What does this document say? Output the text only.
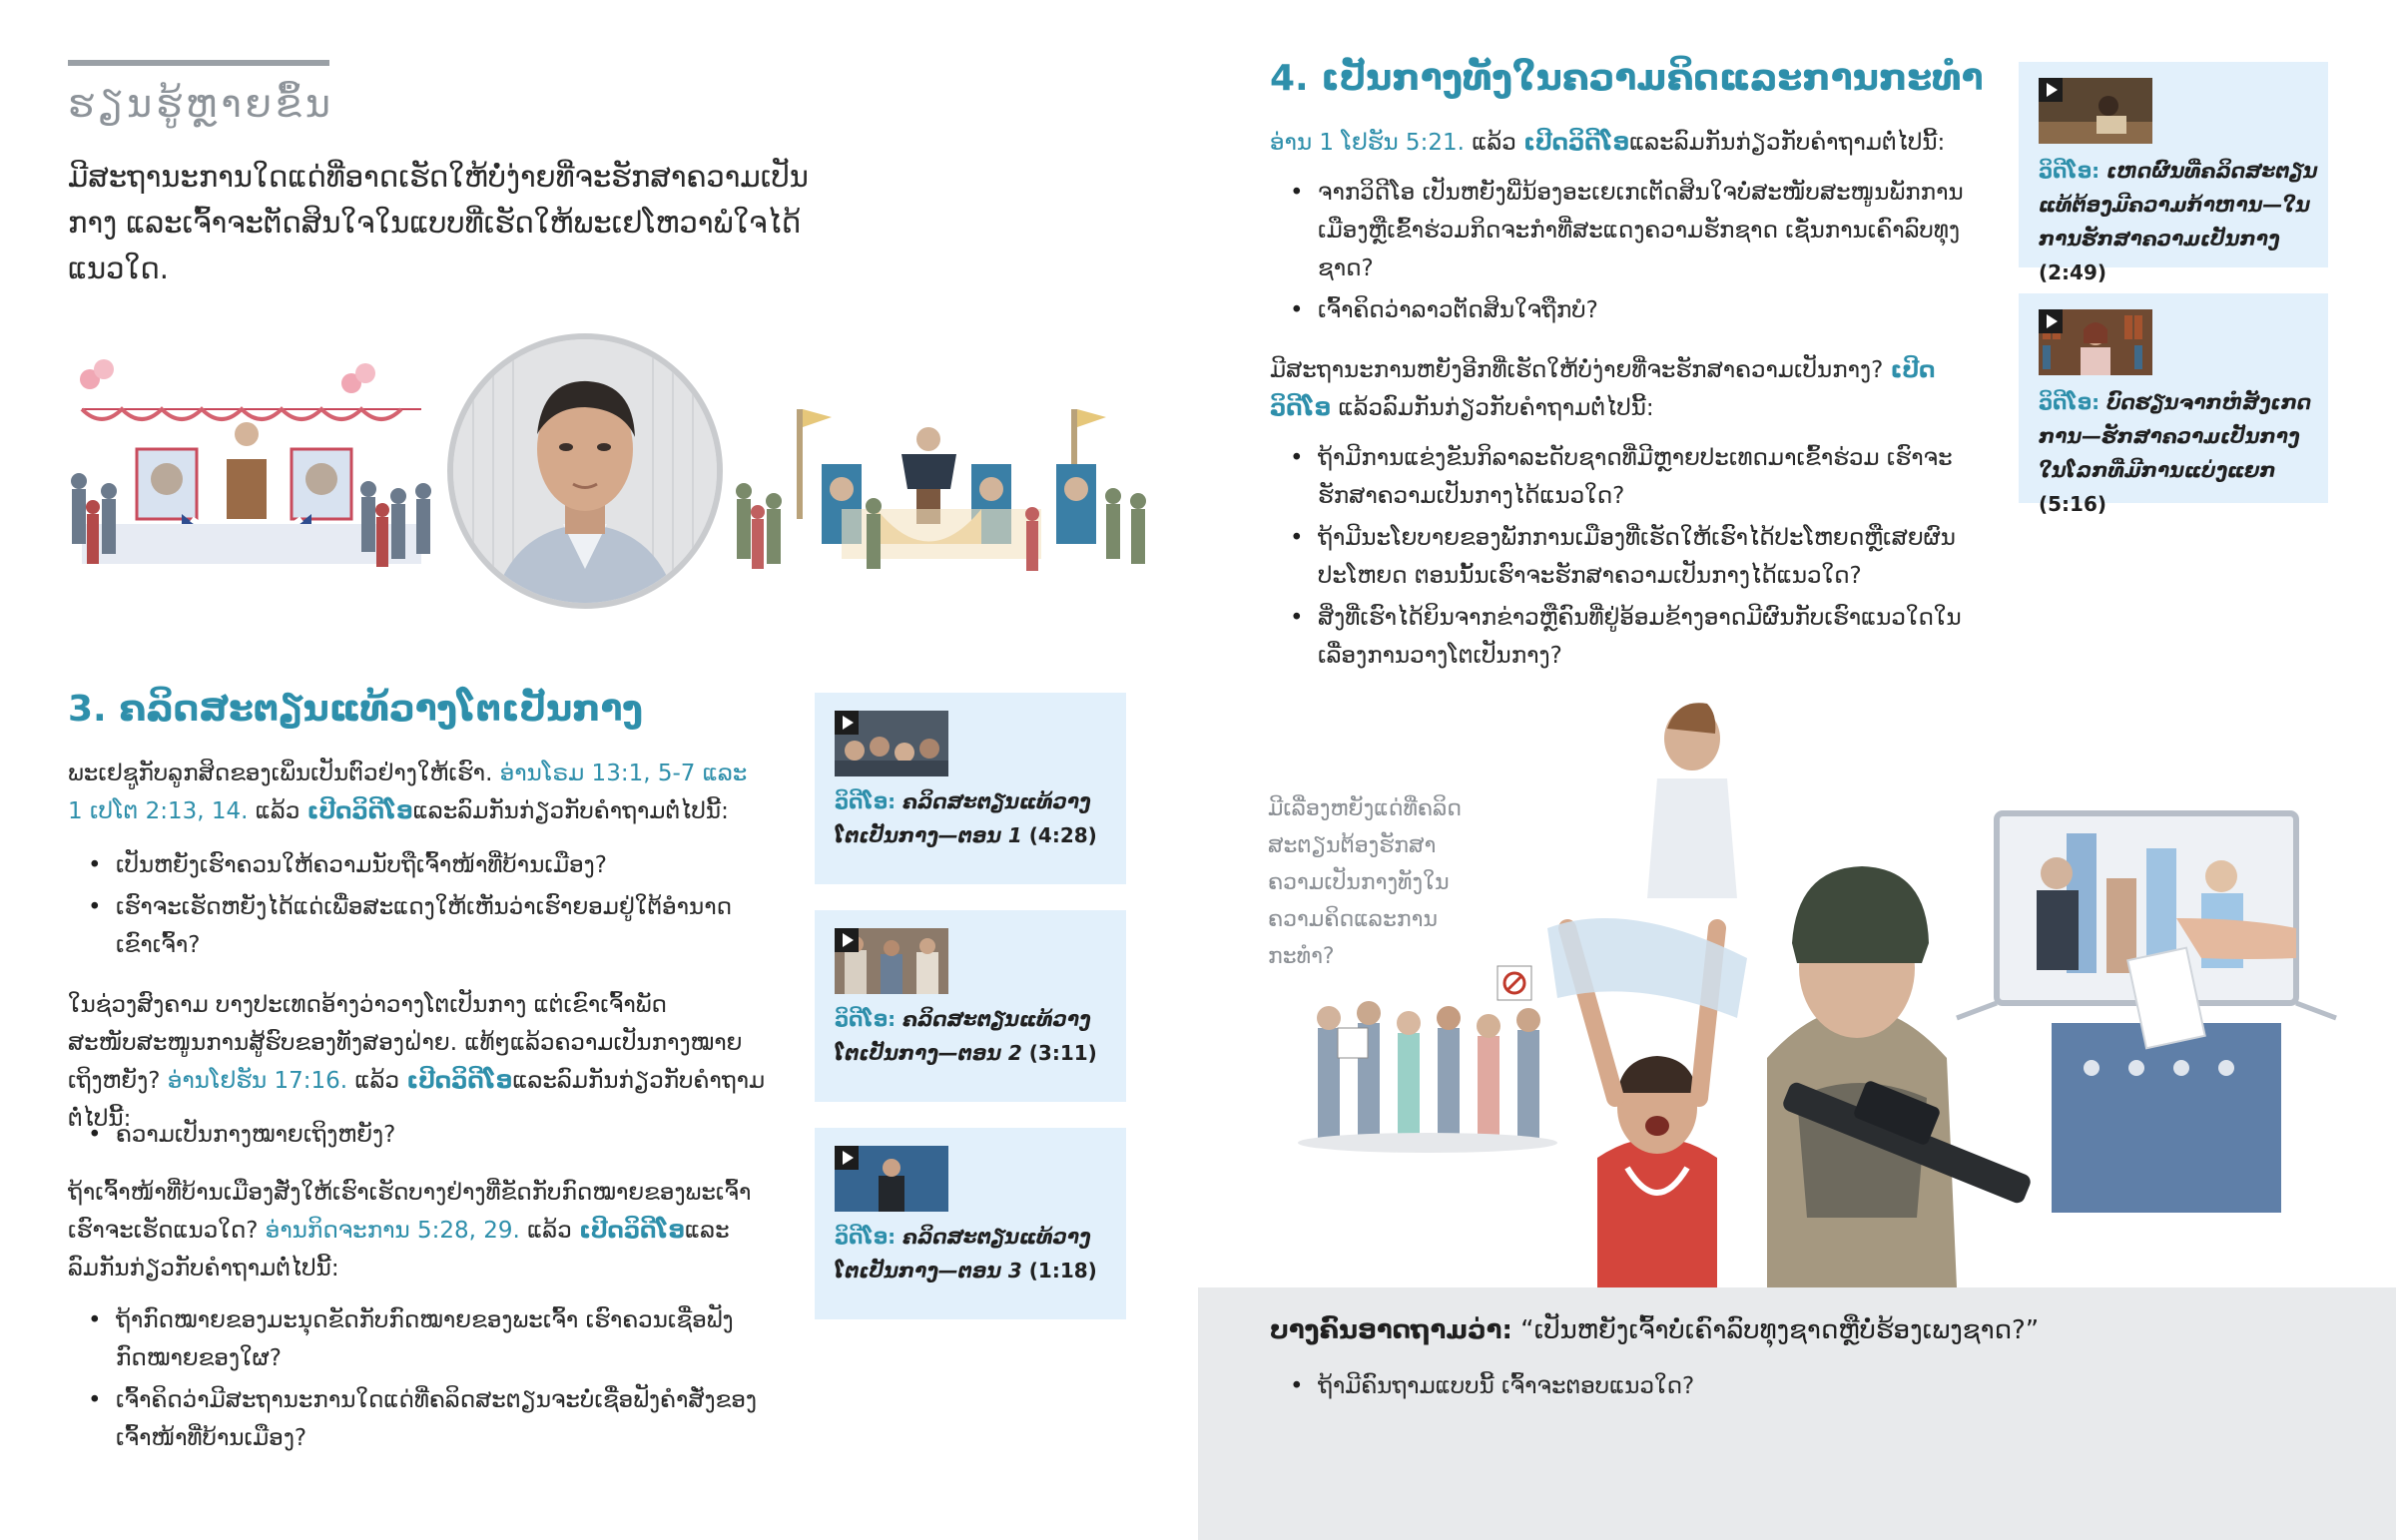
ຮຽນຮູ້ຫຼາຍຂຶ້ນ
ມີສະຖານະການໃດແດ່ທີ່ອາດເຮັດໃຫ້ບໍ່ງ່າຍທີ່ຈະຮັກສາຄວາມເປັນກາງ ແລະເຈົ້າຈະຕັດສິນໃຈໃນແບບທີ່ເຮັດໃຫ້ພະເຢໂຫວາພໍໃຈໄດ້ແນວໃດ.
3. ຄລິດສະຕຽນແທ້ວາງໂຕເປັນກາງ
ພະເຢຊູກັບລູກສິດຂອງເພິ່ນເປັນຕົວຢ່າງໃຫ້ເຮົາ. ອ່ານໂຣມ 13:1, 5-7 ແລະ 1 ເປໂຕ 2:13, 14. ແລ້ວ ເປີດວິດີໂອແລະລົມກັນກ່ຽວກັບຄຳຖາມຕໍ່ໄປນີ້:
• ເປັນຫຍັງເຮົາຄວນໃຫ້ຄວາມນັບຖືເຈົ້າໜ້າທີ່ບ້ານເມືອງ?
• ເຮົາຈະເຮັດຫຍັງໄດ້ແດ່ເພື່ອສະແດງໃຫ້ເຫັນວ່າເຮົາຍອມຢູ່ໃຕ້ອຳນາດເຂົາເຈົ້າ?
ໃນຊ່ວງສົງຄາມ ບາງປະເທດອ້າງວ່າວາງໂຕເປັນກາງ ແຕ່ເຂົາເຈົ້າພັດສະໜັບສະໜູນການສູ້ຮົບຂອງທັງສອງຝ່າຍ. ແທ້ໆແລ້ວຄວາມເປັນກາງໝາຍເຖິງຫຍັງ? ອ່ານໂຢຮັນ 17:16. ແລ້ວ ເປີດວິດີໂອແລະລົມກັນກ່ຽວກັບຄຳຖາມຕໍ່ໄປນີ້:
• ຄວາມເປັນກາງໝາຍເຖິງຫຍັງ?
ຖ້າເຈົ້າໜ້າທີ່ບ້ານເມືອງສັ່ງໃຫ້ເຮົາເຮັດບາງຢ່າງທີ່ຂັດກັບກົດໝາຍຂອງພະເຈົ້າ ເຮົາຈະເຮັດແນວໃດ? ອ່ານກິດຈະການ 5:28, 29. ແລ້ວ ເປີດວິດີໂອແລະລົມກັນກ່ຽວກັບຄຳຖາມຕໍ່ໄປນີ້:
• ຖ້າກົດໝາຍຂອງມະນຸດຂັດກັບກົດໝາຍຂອງພະເຈົ້າ ເຮົາຄວນເຊື່ອຟັງກົດໝາຍຂອງໃຜ?
• ເຈົ້າຄິດວ່າມີສະຖານະການໃດແດ່ທີ່ຄລິດສະຕຽນຈະບໍ່ເຊື່ອຟັງຄຳສັ່ງຂອງເຈົ້າໜ້າທີ່ບ້ານເມືອງ?
ວິດີໂອ: ຄລິດສະຕຽນແທ້ວາງໂຕເປັນກາງ—ຕອນ 1 (4:28)
ວິດີໂອ: ຄລິດສະຕຽນແທ້ວາງໂຕເປັນກາງ—ຕອນ 2 (3:11)
ວິດີໂອ: ຄລິດສະຕຽນແທ້ວາງໂຕເປັນກາງ—ຕອນ 3 (1:18)
4. ເປັນກາງທັງໃນຄວາມຄິດແລະການກະທຳ
ອ່ານ 1 ໂຢຮັນ 5:21. ແລ້ວ ເປີດວິດີໂອແລະລົມກັນກ່ຽວກັບຄຳຖາມຕໍ່ໄປນີ້:
• ຈາກວິດີໂອ ເປັນຫຍັງພີ່ນ້ອງອະເຍເກເຕັດສິນໃຈບໍ່ສະໜັບສະໜູນພັກການເມືອງຫຼືເຂົ້າຮ່ວມກິດຈະກຳທີ່ສະແດງຄວາມຮັກຊາດ ເຊັ່ນການເຄົາລົບທຸງຊາດ?
• ເຈົ້າຄິດວ່າລາວຕັດສິນໃຈຖືກບໍ?
ມີສະຖານະການຫຍັງອີກທີ່ເຮັດໃຫ້ບໍ່ງ່າຍທີ່ຈະຮັກສາຄວາມເປັນກາງ? ເປີດວິດີໂອ ແລ້ວລົມກັນກ່ຽວກັບຄຳຖາມຕໍ່ໄປນີ້:
• ຖ້າມີການແຂ່ງຂັນກິລາລະດັບຊາດທີ່ມີຫຼາຍປະເທດມາເຂົ້າຮ່ວມ ເຮົາຈະຮັກສາຄວາມເປັນກາງໄດ້ແນວໃດ?
• ຖ້າມີນະໂຍບາຍຂອງພັກການເມືອງທີ່ເຮັດໃຫ້ເຮົາໄດ້ປະໂຫຍດຫຼືເສຍຜົນປະໂຫຍດ ຕອນນັ້ນເຮົາຈະຮັກສາຄວາມເປັນກາງໄດ້ແນວໃດ?
• ສິ່ງທີ່ເຮົາໄດ້ຍິນຈາກຂ່າວຫຼືຄົນທີ່ຢູ່ອ້ອມຂ້າງອາດມີຜົນກັບເຮົາແນວໃດໃນເລື່ອງການວາງໂຕເປັນກາງ?
ວິດີໂອ: ເຫດຜົນທີ່ຄລິດສະຕຽນແທ້ຕ້ອງມີຄວາມກ້າຫານ—ໃນການຮັກສາຄວາມເປັນກາງ (2:49)
ວິດີໂອ: ບົດຮຽນຈາກຫໍສັງເກດການ—ຮັກສາຄວາມເປັນກາງໃນໂລກທີ່ມີການແບ່ງແຍກ (5:16)
ມີເລື່ອງຫຍັງແດ່ທີ່ຄລິດສະຕຽນຕ້ອງຮັກສາຄວາມເປັນກາງທັງໃນຄວາມຄິດແລະການກະທຳ?
ບາງຄົນອາດຖາມວ່າ: “ເປັນຫຍັງເຈົ້າບໍ່ເຄົາລົບທຸງຊາດຫຼືບໍ່ຮ້ອງເພງຊາດ?”
• ຖ້າມີຄົນຖາມແບບນີ້ ເຈົ້າຈະຕອບແນວໃດ?
